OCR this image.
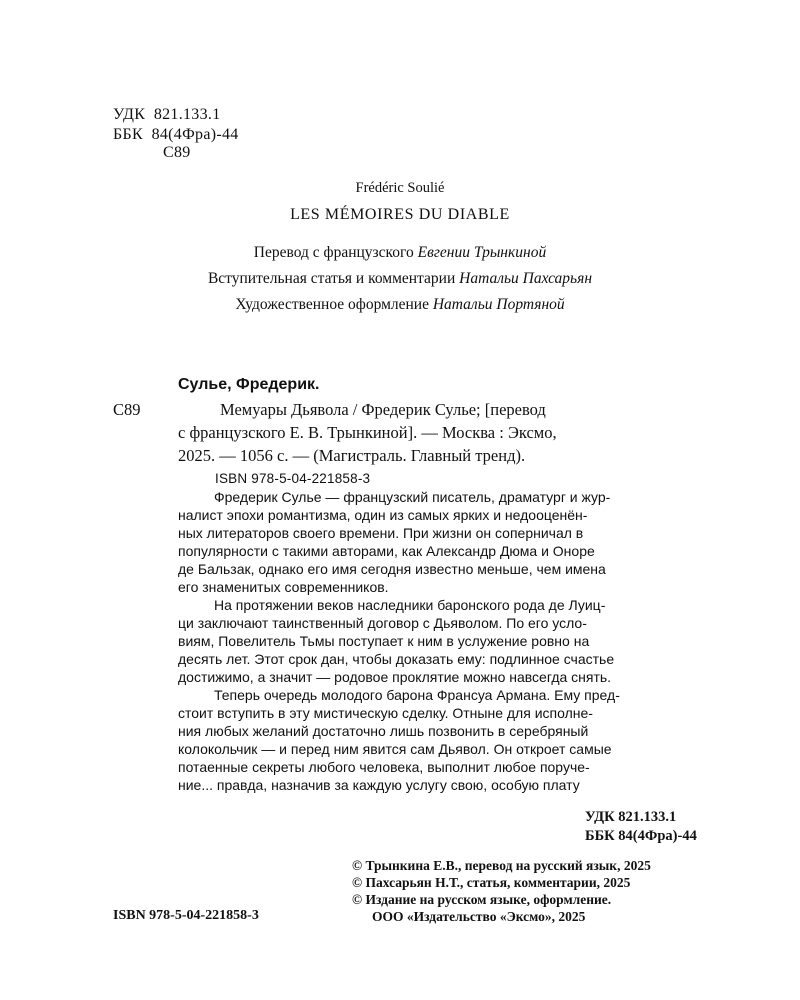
УДК 821.133.1
ББК 84(4Фра)-44
С89
Frédéric Soulié
LES MÉMOIRES DU DIABLE
Перевод с французского Евгении Трынкиной
Вступительная статья и комментарии Натальи Пахсарьян
Художественное оформление Натальи Портяной
Сулье, Фредерик.
С89	Мемуары Дьявола / Фредерик Сулье; [перевод
с французского Е. В. Трынкиной]. — Москва : Эксмо,
2025. — 1056 с. — (Магистраль. Главный тренд).
ISBN 978-5-04-221858-3
Фредерик Сулье — французский писатель, драматург и жур-
налист эпохи романтизма, один из самых ярких и недооценён-
ных литераторов своего времени. При жизни он соперничал в
популярности с такими авторами, как Александр Дюма и Оноре
де Бальзак, однако его имя сегодня известно меньше, чем имена
его знаменитых современников.
На протяжении веков наследники баронского рода де Луиц-
ци заключают таинственный договор с Дьяволом. По его усло-
виям, Повелитель Тьмы поступает к ним в услужение ровно на
десять лет. Этот срок дан, чтобы доказать ему: подлинное счастье
достижимо, а значит — родовое проклятие можно навсегда снять.
Теперь очередь молодого барона Франсуа Армана. Ему пред-
стоит вступить в эту мистическую сделку. Отныне для исполне-
ния любых желаний достаточно лишь позвонить в серебряный
колокольчик — и перед ним явится сам Дьявол. Он откроет самые
потаенные секреты любого человека, выполнит любое поруче-
ние... правда, назначив за каждую услугу свою, особую плату
УДК 821.133.1
ББК 84(4Фра)-44
© Трынкина Е.В., перевод на русский язык, 2025
© Пахсарьян Н.Т., статья, комментарии, 2025
© Издание на русском языке, оформление.
ООО «Издательство «Эксмо», 2025
ISBN 978-5-04-221858-3
